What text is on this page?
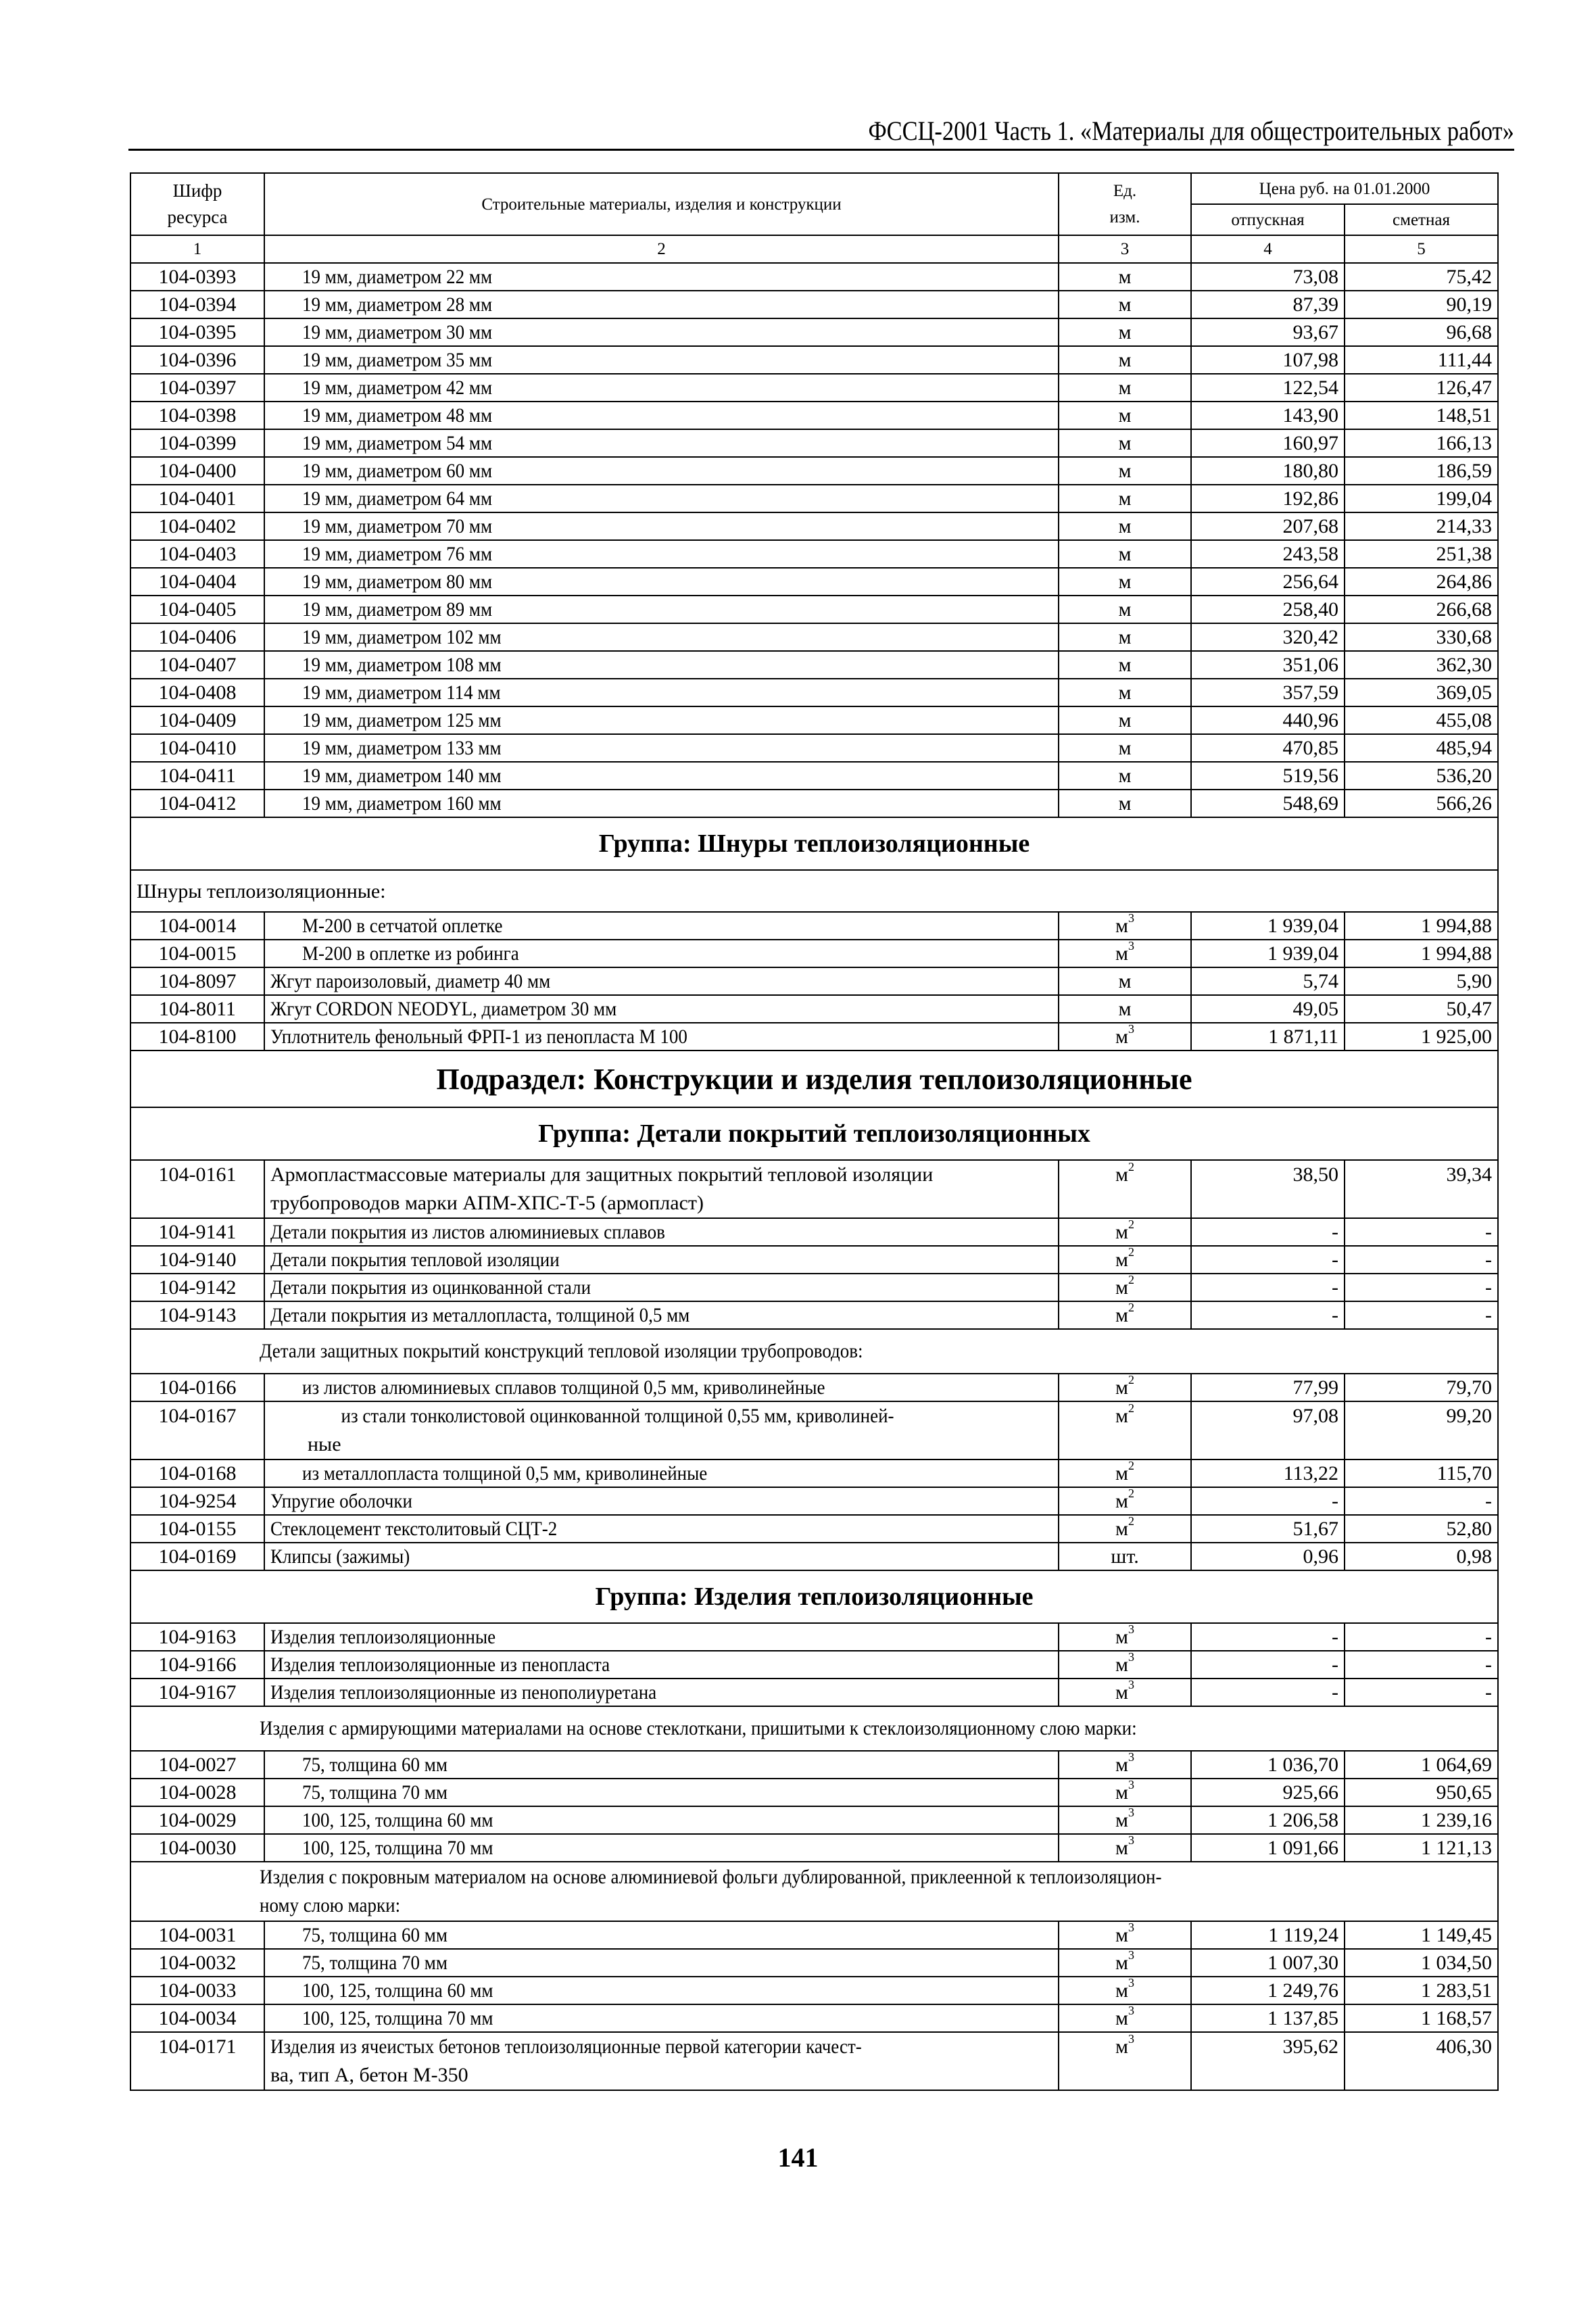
ФССЦ-2001 Часть 1. «Материалы для общестроительных работ»
Шифр
ресурса
	Строительные материалы, изделия и конструкции	
Ед.
изм.
	Цена руб. на 01.01.2000
			отпускная	сметная
1	2	3	4	5
104-0393	19 мм, диаметром 22 мм	м	73,08	75,42
104-0394	19 мм, диаметром 28 мм	м	87,39	90,19
104-0395	19 мм, диаметром 30 мм	м	93,67	96,68
104-0396	19 мм, диаметром 35 мм	м	107,98	111,44
104-0397	19 мм, диаметром 42 мм	м	122,54	126,47
104-0398	19 мм, диаметром 48 мм	м	143,90	148,51
104-0399	19 мм, диаметром 54 мм	м	160,97	166,13
104-0400	19 мм, диаметром 60 мм	м	180,80	186,59
104-0401	19 мм, диаметром 64 мм	м	192,86	199,04
104-0402	19 мм, диаметром 70 мм	м	207,68	214,33
104-0403	19 мм, диаметром 76 мм	м	243,58	251,38
104-0404	19 мм, диаметром 80 мм	м	256,64	264,86
104-0405	19 мм, диаметром 89 мм	м	258,40	266,68
104-0406	19 мм, диаметром 102 мм	м	320,42	330,68
104-0407	19 мм, диаметром 108 мм	м	351,06	362,30
104-0408	19 мм, диаметром 114 мм	м	357,59	369,05
104-0409	19 мм, диаметром 125 мм	м	440,96	455,08
104-0410	19 мм, диаметром 133 мм	м	470,85	485,94
104-0411	19 мм, диаметром 140 мм	м	519,56	536,20
104-0412	19 мм, диаметром 160 мм	м	548,69	566,26
Группа: Шнуры теплоизоляционные				
Шнуры теплоизоляционные:				
104-0014	М-200 в сетчатой оплетке	$м^3$	1 939,04	1 994,88
104-0015	М-200 в оплетке из робинга	$м^3$	1 939,04	1 994,88
104-8097	Жгут пароизоловый, диаметр 40 мм	м	5,74	5,90
104-8011	Жгут CORDON NEODYL, диаметром 30 мм	м	49,05	50,47
104-8100	Уплотнитель фенольный ФРП-1 из пенопласта М 100	$м^3$	1 871,11	1 925,00
Подраздел: Конструкции и изделия теплоизоляционные				
Группа: Детали покрытий теплоизоляционных				
104-0161	Армопластмассовые материалы для защитных покрытий тепловой изоляции трубопроводов марки АПМ-ХПС-Т-5 (армопласт)	$м^2$	38,50	39,34
104-9141	Детали покрытия из листов алюминиевых сплавов	$м^2$	-	-
104-9140	Детали покрытия тепловой изоляции	$м^2$	-	-
104-9142	Детали покрытия из оцинкованной стали	$м^2$	-	-
104-9143	Детали покрытия из металлопласта, толщиной 0,5 мм	$м^2$	-	-
Детали защитных покрытий конструкций тепловой изоляции трубопроводов:				
104-0166	из листов алюминиевых сплавов толщиной 0,5 мм, криволинейные	$м^2$	77,99	79,70
104-0167	из стали тонколистовой оцинкованной толщиной 0,55 мм, криволиней-
ные	$м^2$	97,08	99,20
104-0168	из металлопласта толщиной 0,5 мм, криволинейные	$м^2$	113,22	115,70
104-9254	Упругие оболочки	$м^2$	-	-
104-0155	Стеклоцемент текстолитовый СЦТ-2	$м^2$	51,67	52,80
104-0169	Клипсы (зажимы)	шт.	0,96	0,98
Группа: Изделия теплоизоляционные				
104-9163	Изделия теплоизоляционные	$м^3$	-	-
104-9166	Изделия теплоизоляционные из пенопласта	$м^3$	-	-
104-9167	Изделия теплоизоляционные из пенополиуретана	$м^3$	-	-
Изделия с армирующими материалами на основе стеклоткани, пришитыми к стеклоизоляционному слою марки:				
104-0027	75, толщина 60 мм	$м^3$	1 036,70	1 064,69
104-0028	75, толщина 70 мм	$м^3$	925,66	950,65
104-0029	100, 125, толщина 60 мм	$м^3$	1 206,58	1 239,16
104-0030	100, 125, толщина 70 мм	$м^3$	1 091,66	1 121,13

Изделия с покровным материалом на основе алюминиевой фольги дублированной, приклеенной к теплоизоляцион-
ному слою марки:				

104-0031	75, толщина 60 мм	$м^3$	1 119,24	1 149,45
104-0032	75, толщина 70 мм	$м^3$	1 007,30	1 034,50
104-0033	100, 125, толщина 60 мм	$м^3$	1 249,76	1 283,51
104-0034	100, 125, толщина 70 мм	$м^3$	1 137,85	1 168,57
104-0171	Изделия из ячеистых бетонов теплоизоляционные первой категории качест-
ва, тип А, бетон М-350	$м^3$	395,62	406,30
141
